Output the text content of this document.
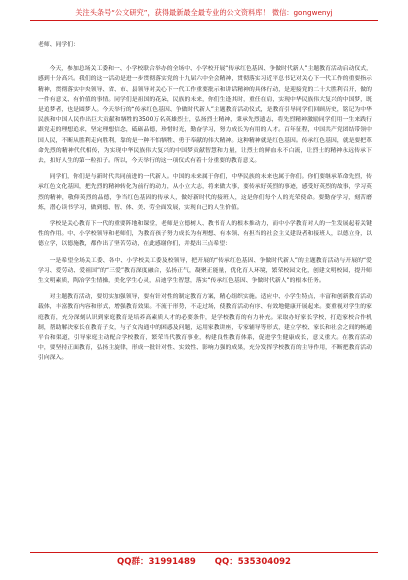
关注头条号“公文研究”，获得最新最全最专业的公文资料库！ 微信：gongwenyj

老师、同学们：

今天，参加总场关工委和一、小学校联合举办的全场中、小学校开展“传承红色基因、争做时代新人”主题教育活动启动仪式，感到十分高兴。我们的这一活动是进一步贯彻落实党的十九届六中全会精神，贯彻落实习近平总书记对关心下一代工作的重要指示精神，贯彻落实中央领导、省、市、县领导对关心下一代工作重要批示和讲话精神的具体行动，是迎接党的二十大胜利召开，做的一件有意义、有价值的事情。同学们是祖国的花朵，民族的未来，你们生逢其时，重任在肩，实现中华民族伟大复兴的中国梦，既是追梦者，也是圆梦人。今天举行的“传承红色基因、争做时代新人”主题教育活动仪式，是教育引导同学们回顾历史，铭记为中华民族和中国人民作出巨大贡献和牺牲的3500万名英雄烈士，弘扬烈士精神，秉承先烈遗志，将先烈精神激励同学们用一生来践行跟党走的理想追求，坚定理想信念，砥砺品德，珍惜时光，勤奋学习，努力成长为有用的人才。百年征程，中国共产党团结带领中国人民，不断从胜利走向胜利，靠的是一种不怕牺牲、勇于奉献的伟大精神。这种精神就是红色基因。传承红色基因，就是要把革命先烈的精神代代相传，为实现中华民族伟大复兴的中国梦贡献智慧和力量，让烈士的鲜血永不白流，让烈士的精神永远传承下去，扣好人生的第一粒扣子。所以，今天举行的这一项仪式有着十分重要的教育意义。

同学们，你们是与新时代共同前进的一代新人。中国的未来属于你们，中华民族的未来也属于你们。你们要继承革命先烈，传承红色文化基因，把先烈的精神转化为前行的动力，从小立大志，将来做大事，要传承好英烈的事迹，感受好英烈的故事，学习英烈的精神，敬仰英烈的品德，争当红色基因的传承人，做好新时代的接班人，这是你们每个人的光荣使命。要勤奋学习，刻苦磨炼，潜心读书学习，做到德、智、体、美、劳全面发展，实现自己的人生价值。

学校是关心教育下一代的重要阵地和课堂，老师是立德树人、教书育人的根本推动力，而中小学教育对人的一生发展起着关键性的作用。中、小学校领导和老师们，为教育孩子努力成长为有理想、有本领、有担当的社会主义建设者和接班人，以德立身，以德立学，以德施教，都作出了坚苦劳动，在此感谢你们，并提出三点希望：

一是希望全场关工委、各中、小学校关工委及校领导，把开展的“传承红色基因、争做时代新人”的主题教育活动与开展的“爱学习、爱劳动、爱祖国”的“三爱”教育深度融合，弘扬正气，凝聚正能量，优化育人环境，繁荣校园文化，创建文明校园，提升师生文明素质，陶冶学生情操，美化学生心灵，启迪学生智慧，落实“传承红色基因、争做时代新人”的根本任务。

对主题教育活动，要切实加强领导，要有针对性的制定教育方案，精心组织实施。适应中、小学生特点，丰富和创新教育活动载体，丰富教育内容和形式，增强教育效果。不流于形势，不走过场，使教育活动有序、有效地健康开展起来。要重视对学生的家庭教育，充分深刻认识到家庭教育是培养高素质人才的必要条件，是学校教育的有力补充。采取办好家长学校，打造家校合作机制，帮助解决家长在教育子女，与子女沟通中的困惑及问题，运用家教讲座，专家辅导等形式，建立学校、家长和社会之间的畅通平台和渠道，引导家庭主动配合学校教育，繁荣当代教育事业，构建良性教育体系，促进学生健康成长，意义重大。在教育活动中，要坚持正面教育，弘扬主旋律，形成一批针对性、实效性、影响力强的成果，充分发挥学校教育的主导作用，不断把教育活动引向深入。

QQ群：31991489 QQ：535304092
